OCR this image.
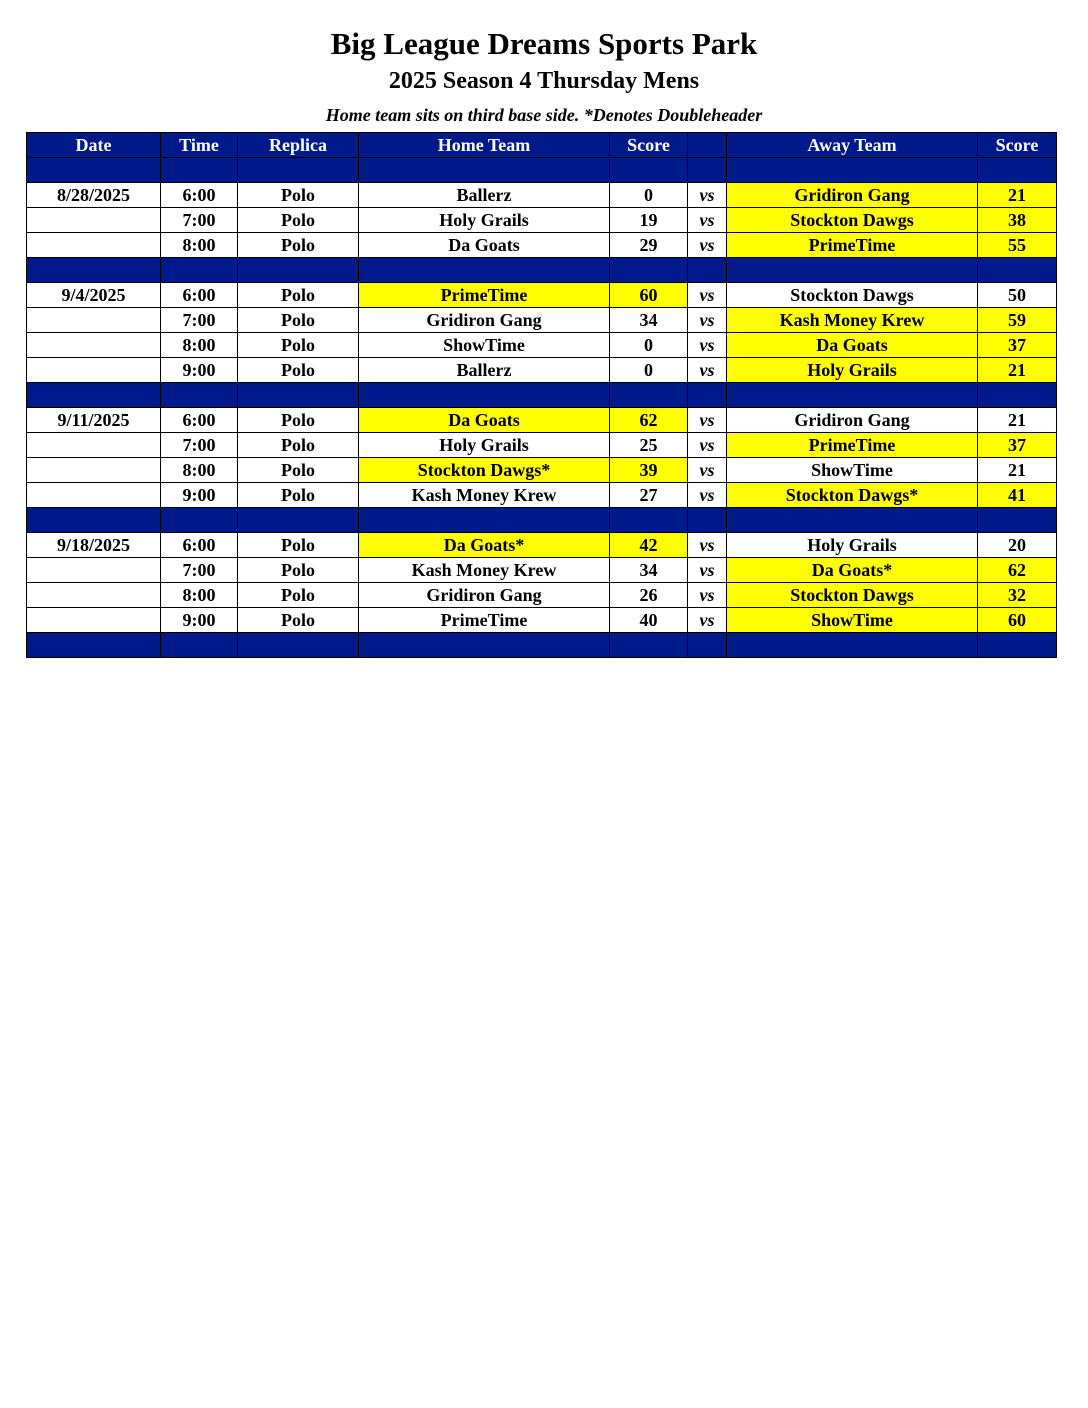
Big League Dreams Sports Park
2025 Season 4 Thursday Mens
Home team sits on third base side. *Denotes Doubleheader
Date	Time	Replica	Home Team	Score		Away Team	Score

8/28/2025	6:00	Polo	Ballerz	0	vs	Gridiron Gang	21
	7:00	Polo	Holy Grails	19	vs	Stockton Dawgs	38
	8:00	Polo	Da Goats	29	vs	PrimeTime	55

9/4/2025	6:00	Polo	PrimeTime	60	vs	Stockton Dawgs	50
	7:00	Polo	Gridiron Gang	34	vs	Kash Money Krew	59
	8:00	Polo	ShowTime	0	vs	Da Goats	37
	9:00	Polo	Ballerz	0	vs	Holy Grails	21

9/11/2025	6:00	Polo	Da Goats	62	vs	Gridiron Gang	21
	7:00	Polo	Holy Grails	25	vs	PrimeTime	37
	8:00	Polo	Stockton Dawgs*	39	vs	ShowTime	21
	9:00	Polo	Kash Money Krew	27	vs	Stockton Dawgs*	41

9/18/2025	6:00	Polo	Da Goats*	42	vs	Holy Grails	20
	7:00	Polo	Kash Money Krew	34	vs	Da Goats*	62
	8:00	Polo	Gridiron Gang	26	vs	Stockton Dawgs	32
	9:00	Polo	PrimeTime	40	vs	ShowTime	60
